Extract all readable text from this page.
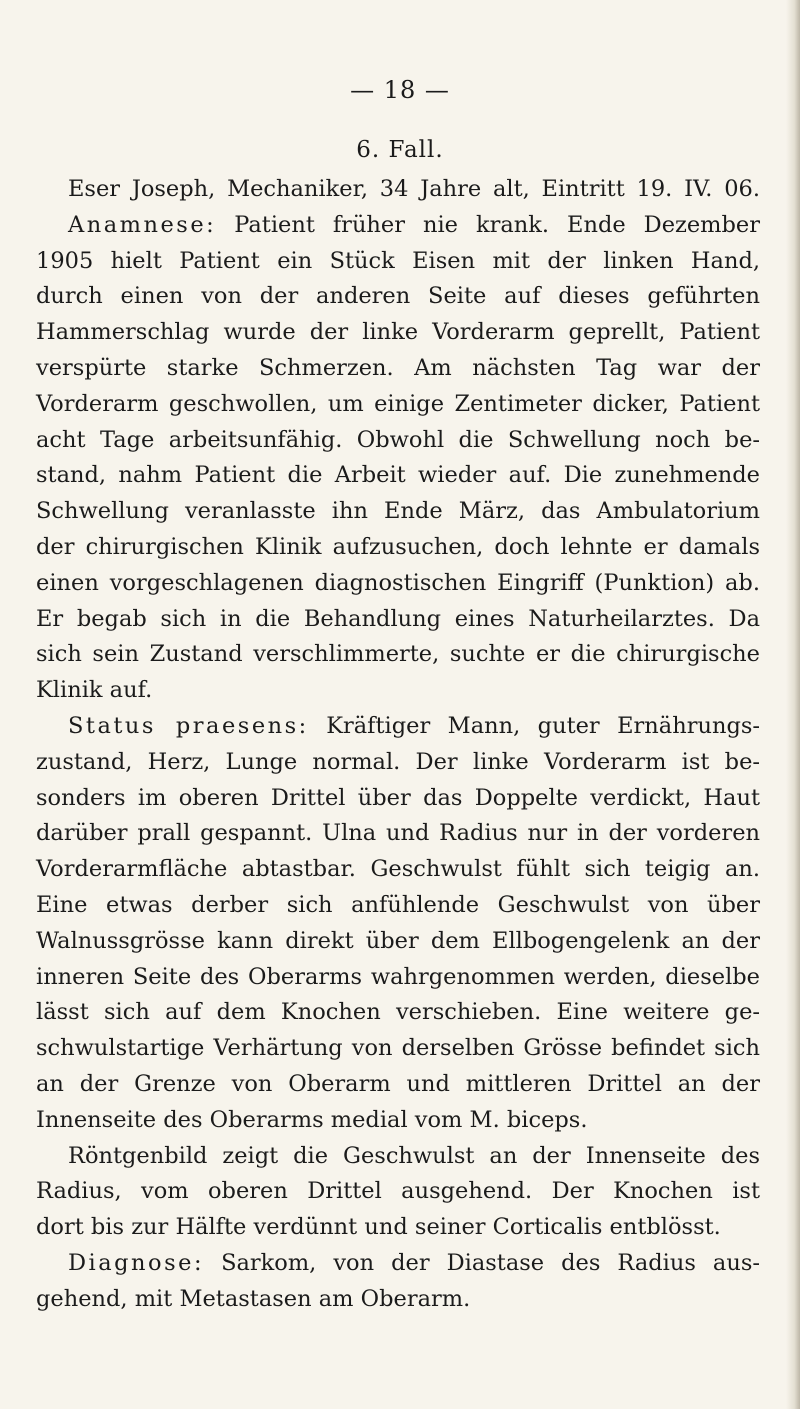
— 18 —
6. Fall.
Eser Joseph, Mechaniker, 34 Jahre alt, Eintritt 19. IV. 06.
Anamnese: Patient früher nie krank. Ende Dezember
1905 hielt Patient ein Stück Eisen mit der linken Hand,
durch einen von der anderen Seite auf dieses geführten
Hammerschlag wurde der linke Vorderarm geprellt, Patient
verspürte starke Schmerzen. Am nächsten Tag war der
Vorderarm geschwollen, um einige Zentimeter dicker, Patient
acht Tage arbeitsunfähig. Obwohl die Schwellung noch be-
stand, nahm Patient die Arbeit wieder auf. Die zunehmende
Schwellung veranlasste ihn Ende März, das Ambulatorium
der chirurgischen Klinik aufzusuchen, doch lehnte er damals
einen vorgeschlagenen diagnostischen Eingriff (Punktion) ab.
Er begab sich in die Behandlung eines Naturheilarztes. Da
sich sein Zustand verschlimmerte, suchte er die chirurgische
Klinik auf.
Status praesens: Kräftiger Mann, guter Ernährungs-
zustand, Herz, Lunge normal. Der linke Vorderarm ist be-
sonders im oberen Drittel über das Doppelte verdickt, Haut
darüber prall gespannt. Ulna und Radius nur in der vorderen
Vorderarmfläche abtastbar. Geschwulst fühlt sich teigig an.
Eine etwas derber sich anfühlende Geschwulst von über
Walnussgrösse kann direkt über dem Ellbogengelenk an der
inneren Seite des Oberarms wahrgenommen werden, dieselbe
lässt sich auf dem Knochen verschieben. Eine weitere ge-
schwulstartige Verhärtung von derselben Grösse befindet sich
an der Grenze von Oberarm und mittleren Drittel an der
Innenseite des Oberarms medial vom M. biceps.
Röntgenbild zeigt die Geschwulst an der Innenseite des
Radius, vom oberen Drittel ausgehend. Der Knochen ist
dort bis zur Hälfte verdünnt und seiner Corticalis entblösst.
Diagnose: Sarkom, von der Diastase des Radius aus-
gehend, mit Metastasen am Oberarm.
